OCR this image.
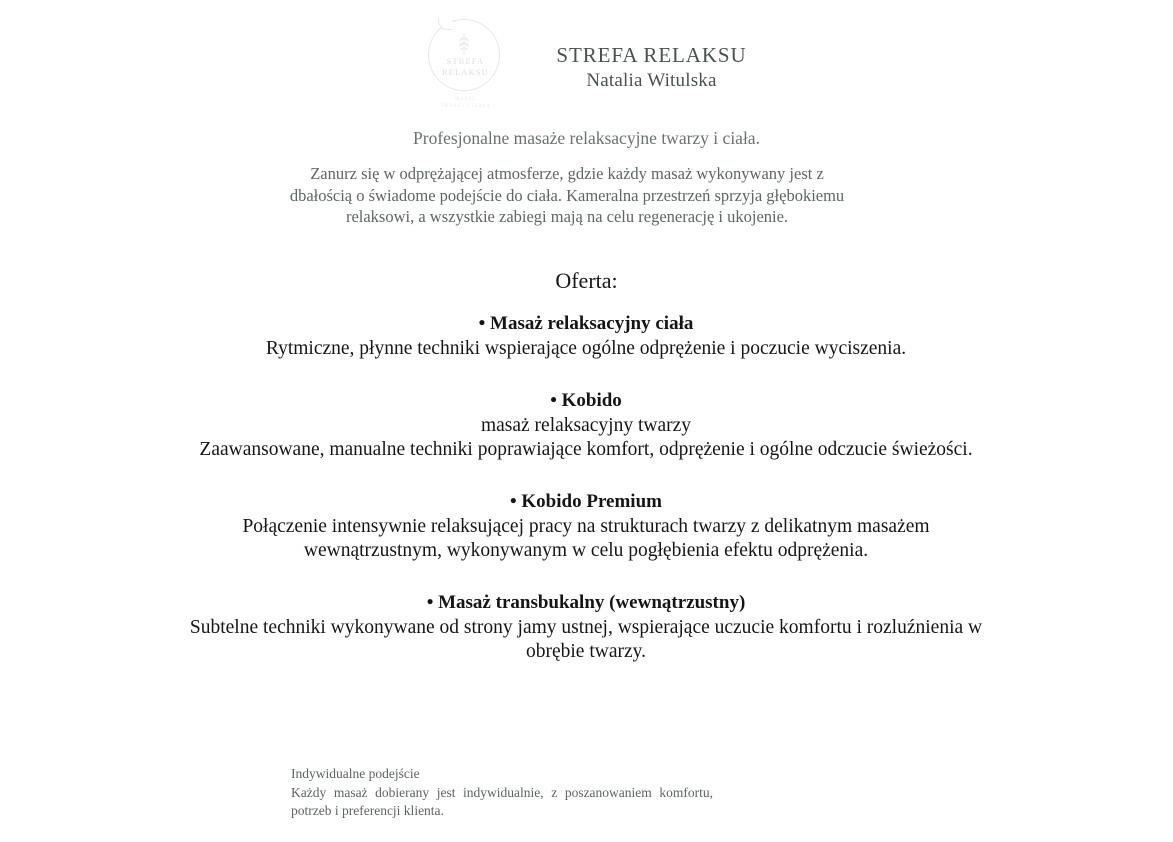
STREFA
RELAKSU
MASAŻ
TWARZY I CIAŁA
STREFA RELAKSU
Natalia Witulska
Profesjonalne masaże relaksacyjne twarzy i ciała.
Zanurz się w odprężającej atmosferze, gdzie każdy masaż wykonywany jest z dbałością o świadome podejście do ciała. Kameralna przestrzeń sprzyja głębokiemu relaksowi, a wszystkie zabiegi mają na celu regenerację i ukojenie.
Oferta:
• Masaż relaksacyjny ciała
Rytmiczne, płynne techniki wspierające ogólne odprężenie i poczucie wyciszenia.
• Kobido
masaż relaksacyjny twarzy
Zaawansowane, manualne techniki poprawiające komfort, odprężenie i ogólne odczucie świeżości.
• Kobido Premium
Połączenie intensywnie relaksującej pracy na strukturach twarzy z delikatnym masażem wewnątrzustnym, wykonywanym w celu pogłębienia efektu odprężenia.
• Masaż transbukalny (wewnątrzustny)
Subtelne techniki wykonywane od strony jamy ustnej, wspierające uczucie komfortu i rozluźnienia w obrębie twarzy.
Indywidualne podejście
Każdy masaż dobierany jest indywidualnie, z poszanowaniem komfortu, potrzeb i preferencji klienta.
